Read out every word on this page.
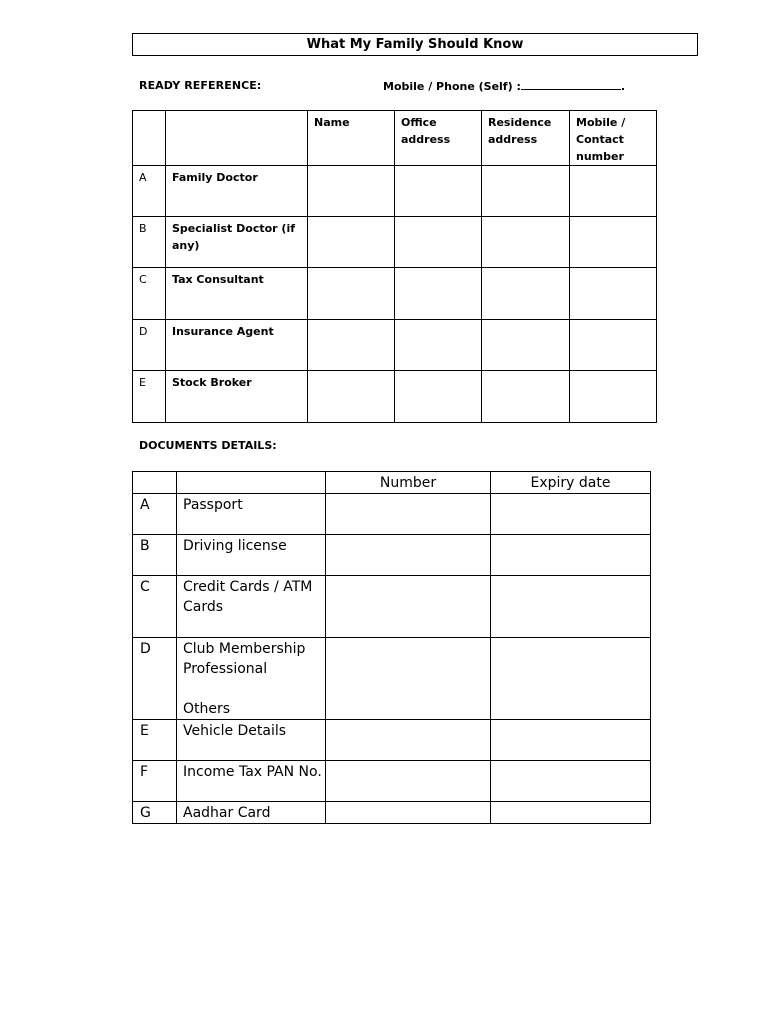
What My Family Should Know
READY REFERENCE:	Mobile / Phone (Self) :	.
		Name	Office address	Residence address	Mobile / Contact number
A	Family Doctor				
B	Specialist Doctor (if any)				
C	Tax Consultant				
D	Insurance Agent				
E	Stock Broker				
DOCUMENTS DETAILS:
		Number	Expiry date
A	Passport		
B	Driving license		
C	Credit Cards / ATM Cards		
D	Club Membership Professional
Others		
E	Vehicle Details		
F	Income Tax PAN No.		
G	Aadhar Card		
